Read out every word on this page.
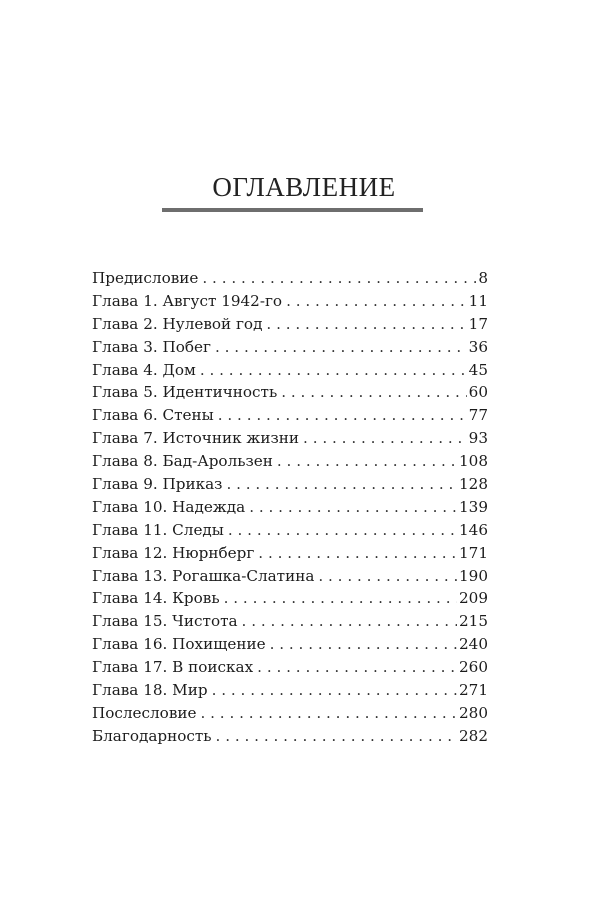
ОГЛАВЛЕНИЕ
Предисловие . . .	8
Глава 1. Август 1942-го . . .	11
Глава 2. Нулевой год . . .	17
Глава 3. Побег . . .	36
Глава 4. Дом . . .	45
Глава 5. Идентичность . . .	60
Глава 6. Стены . . .	77
Глава 7. Источник жизни . . .	93
Глава 8. Бад-Арользен . . .	108
Глава 9. Приказ . . .	128
Глава 10. Надежда . . .	139
Глава 11. Следы . . .	146
Глава 12. Нюрнберг . . .	171
Глава 13. Рогашка-Слатина . . .	190
Глава 14. Кровь . . .	209
Глава 15. Чистота . . .	215
Глава 16. Похищение . . .	240
Глава 17. В поисках . . .	260
Глава 18. Мир . . .	271
Послесловие . . .	280
Благодарность . . .	282
